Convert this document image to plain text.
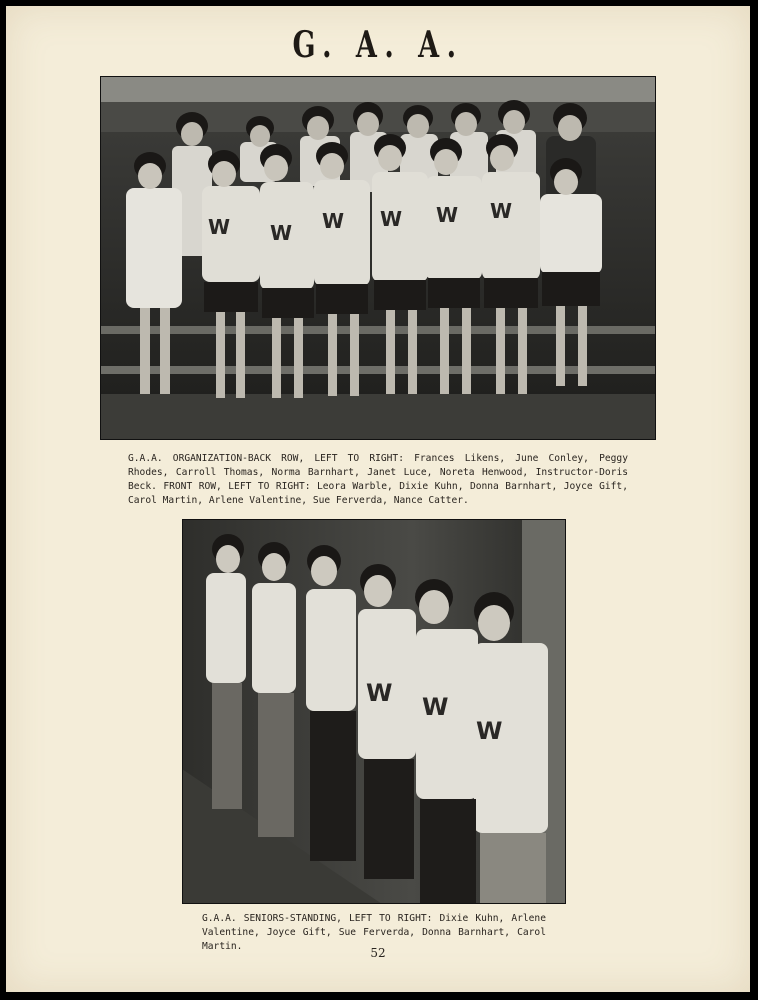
G. A. A.
W W W W W W
G.A.A. ORGANIZATION-BACK ROW, LEFT TO RIGHT: Frances Likens, June Conley, Peggy Rhodes, Carroll Thomas, Norma Barnhart, Janet Luce, Noreta Henwood, Instructor-Doris Beck. FRONT ROW, LEFT TO RIGHT: Leora Warble, Dixie Kuhn, Donna Barnhart, Joyce Gift, Carol Martin, Arlene Valentine, Sue Ferverda, Nance Catter.
W W
W
G.A.A. SENIORS-STANDING, LEFT TO RIGHT: Dixie Kuhn, Arlene Valentine, Joyce Gift, Sue Ferverda, Donna Barnhart, Carol Martin.	52
